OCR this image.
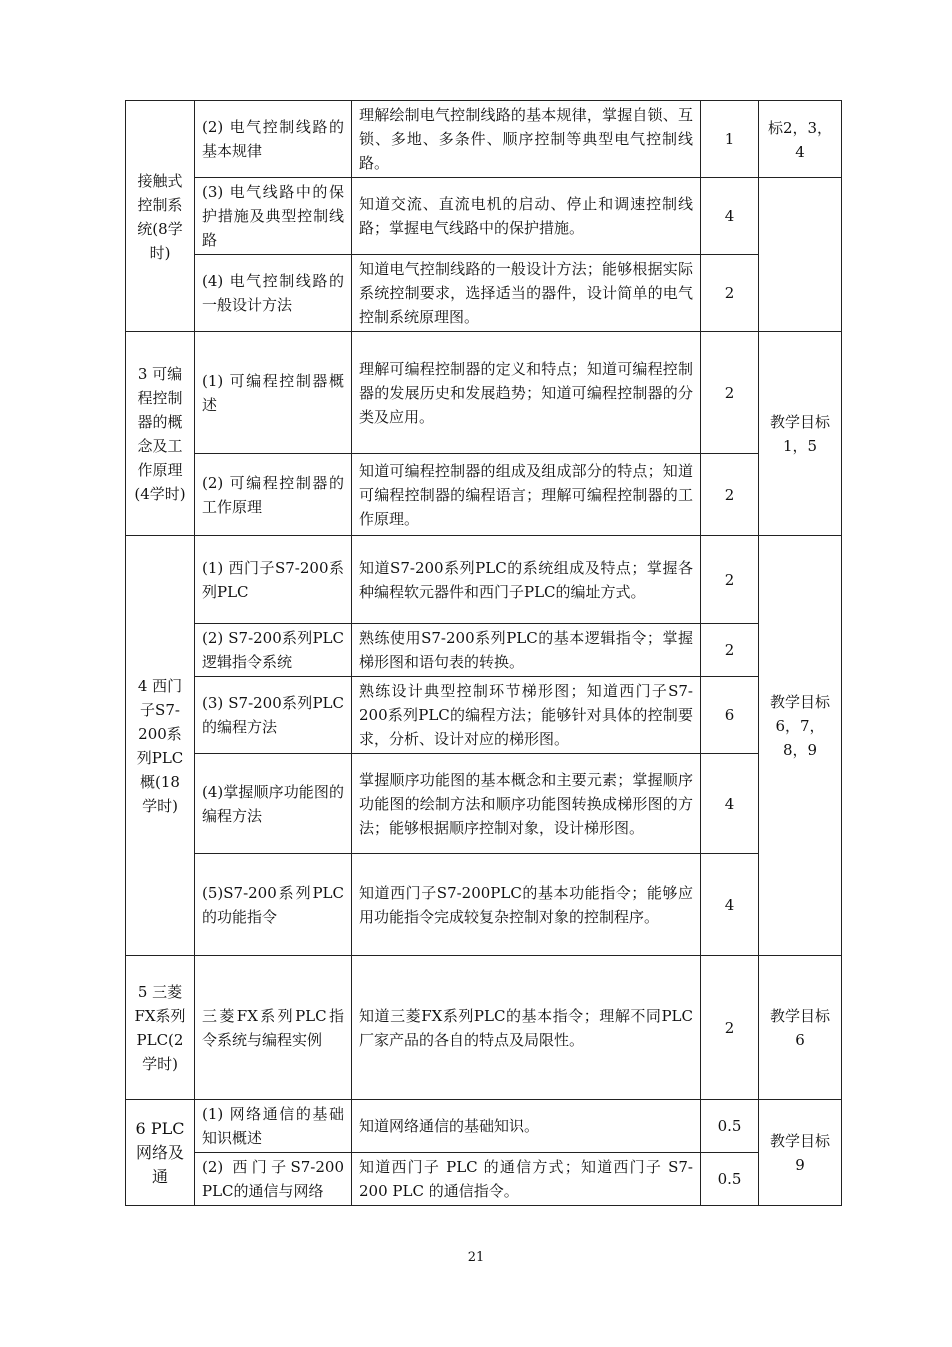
接触式控制系统(8学时)	(2) 电气控制线路的基本规律	理解绘制电气控制线路的基本规律，掌握自锁、互锁、多地、多条件、顺序控制等典型电气控制线路。	1	标2，3，4
	(3) 电气线路中的保护措施及典型控制线路	知道交流、直流电机的启动、停止和调速控制线路；掌握电气线路中的保护措施。	4	
	(4) 电气控制线路的一般设计方法	知道电气控制线路的一般设计方法；能够根据实际系统控制要求，选择适当的器件，设计简单的电气控制系统原理图。	2	
3 可编程控制器的概念及工作原理(4学时)	(1) 可编程控制器概述	理解可编程控制器的定义和特点；知道可编程控制器的发展历史和发展趋势；知道可编程控制器的分类及应用。	2	教学目标1，5
	(2) 可编程控制器的工作原理	知道可编程控制器的组成及组成部分的特点；知道可编程控制器的编程语言；理解可编程控制器的工作原理。	2	
4 西门子S7-200系列PLC概(18学时)	(1) 西门子S7-200系列PLC	知道S7-200系列PLC的系统组成及特点；掌握各种编程软元器件和西门子PLC的编址方式。	2	教学目标6，7，8，9
	(2) S7-200系列PLC逻辑指令系统	熟练使用S7-200系列PLC的基本逻辑指令；掌握梯形图和语句表的转换。	2	
	(3) S7-200系列PLC的编程方法	熟练设计典型控制环节梯形图；知道西门子S7-200系列PLC的编程方法；能够针对具体的控制要求，分析、设计对应的梯形图。	6	
	(4)掌握顺序功能图的编程方法	掌握顺序功能图的基本概念和主要元素；掌握顺序功能图的绘制方法和顺序功能图转换成梯形图的方法；能够根据顺序控制对象，设计梯形图。	4	
	(5)S7-200系列PLC的功能指令	知道西门子S7-200PLC的基本功能指令；能够应用功能指令完成较复杂控制对象的控制程序。	4	
5 三菱FX系列PLC(2学时)	三菱FX系列PLC指令系统与编程实例	知道三菱FX系列PLC的基本指令；理解不同PLC厂家产品的各自的特点及局限性。	2	教学目标6
6 PLC网络及通	(1) 网络通信的基础知识概述	知道网络通信的基础知识。	0.5	教学目标9
	(2) 西门子S7-200 PLC的通信与网络	知道西门子 PLC 的通信方式；知道西门子 S7-200 PLC 的通信指令。	0.5	
21
